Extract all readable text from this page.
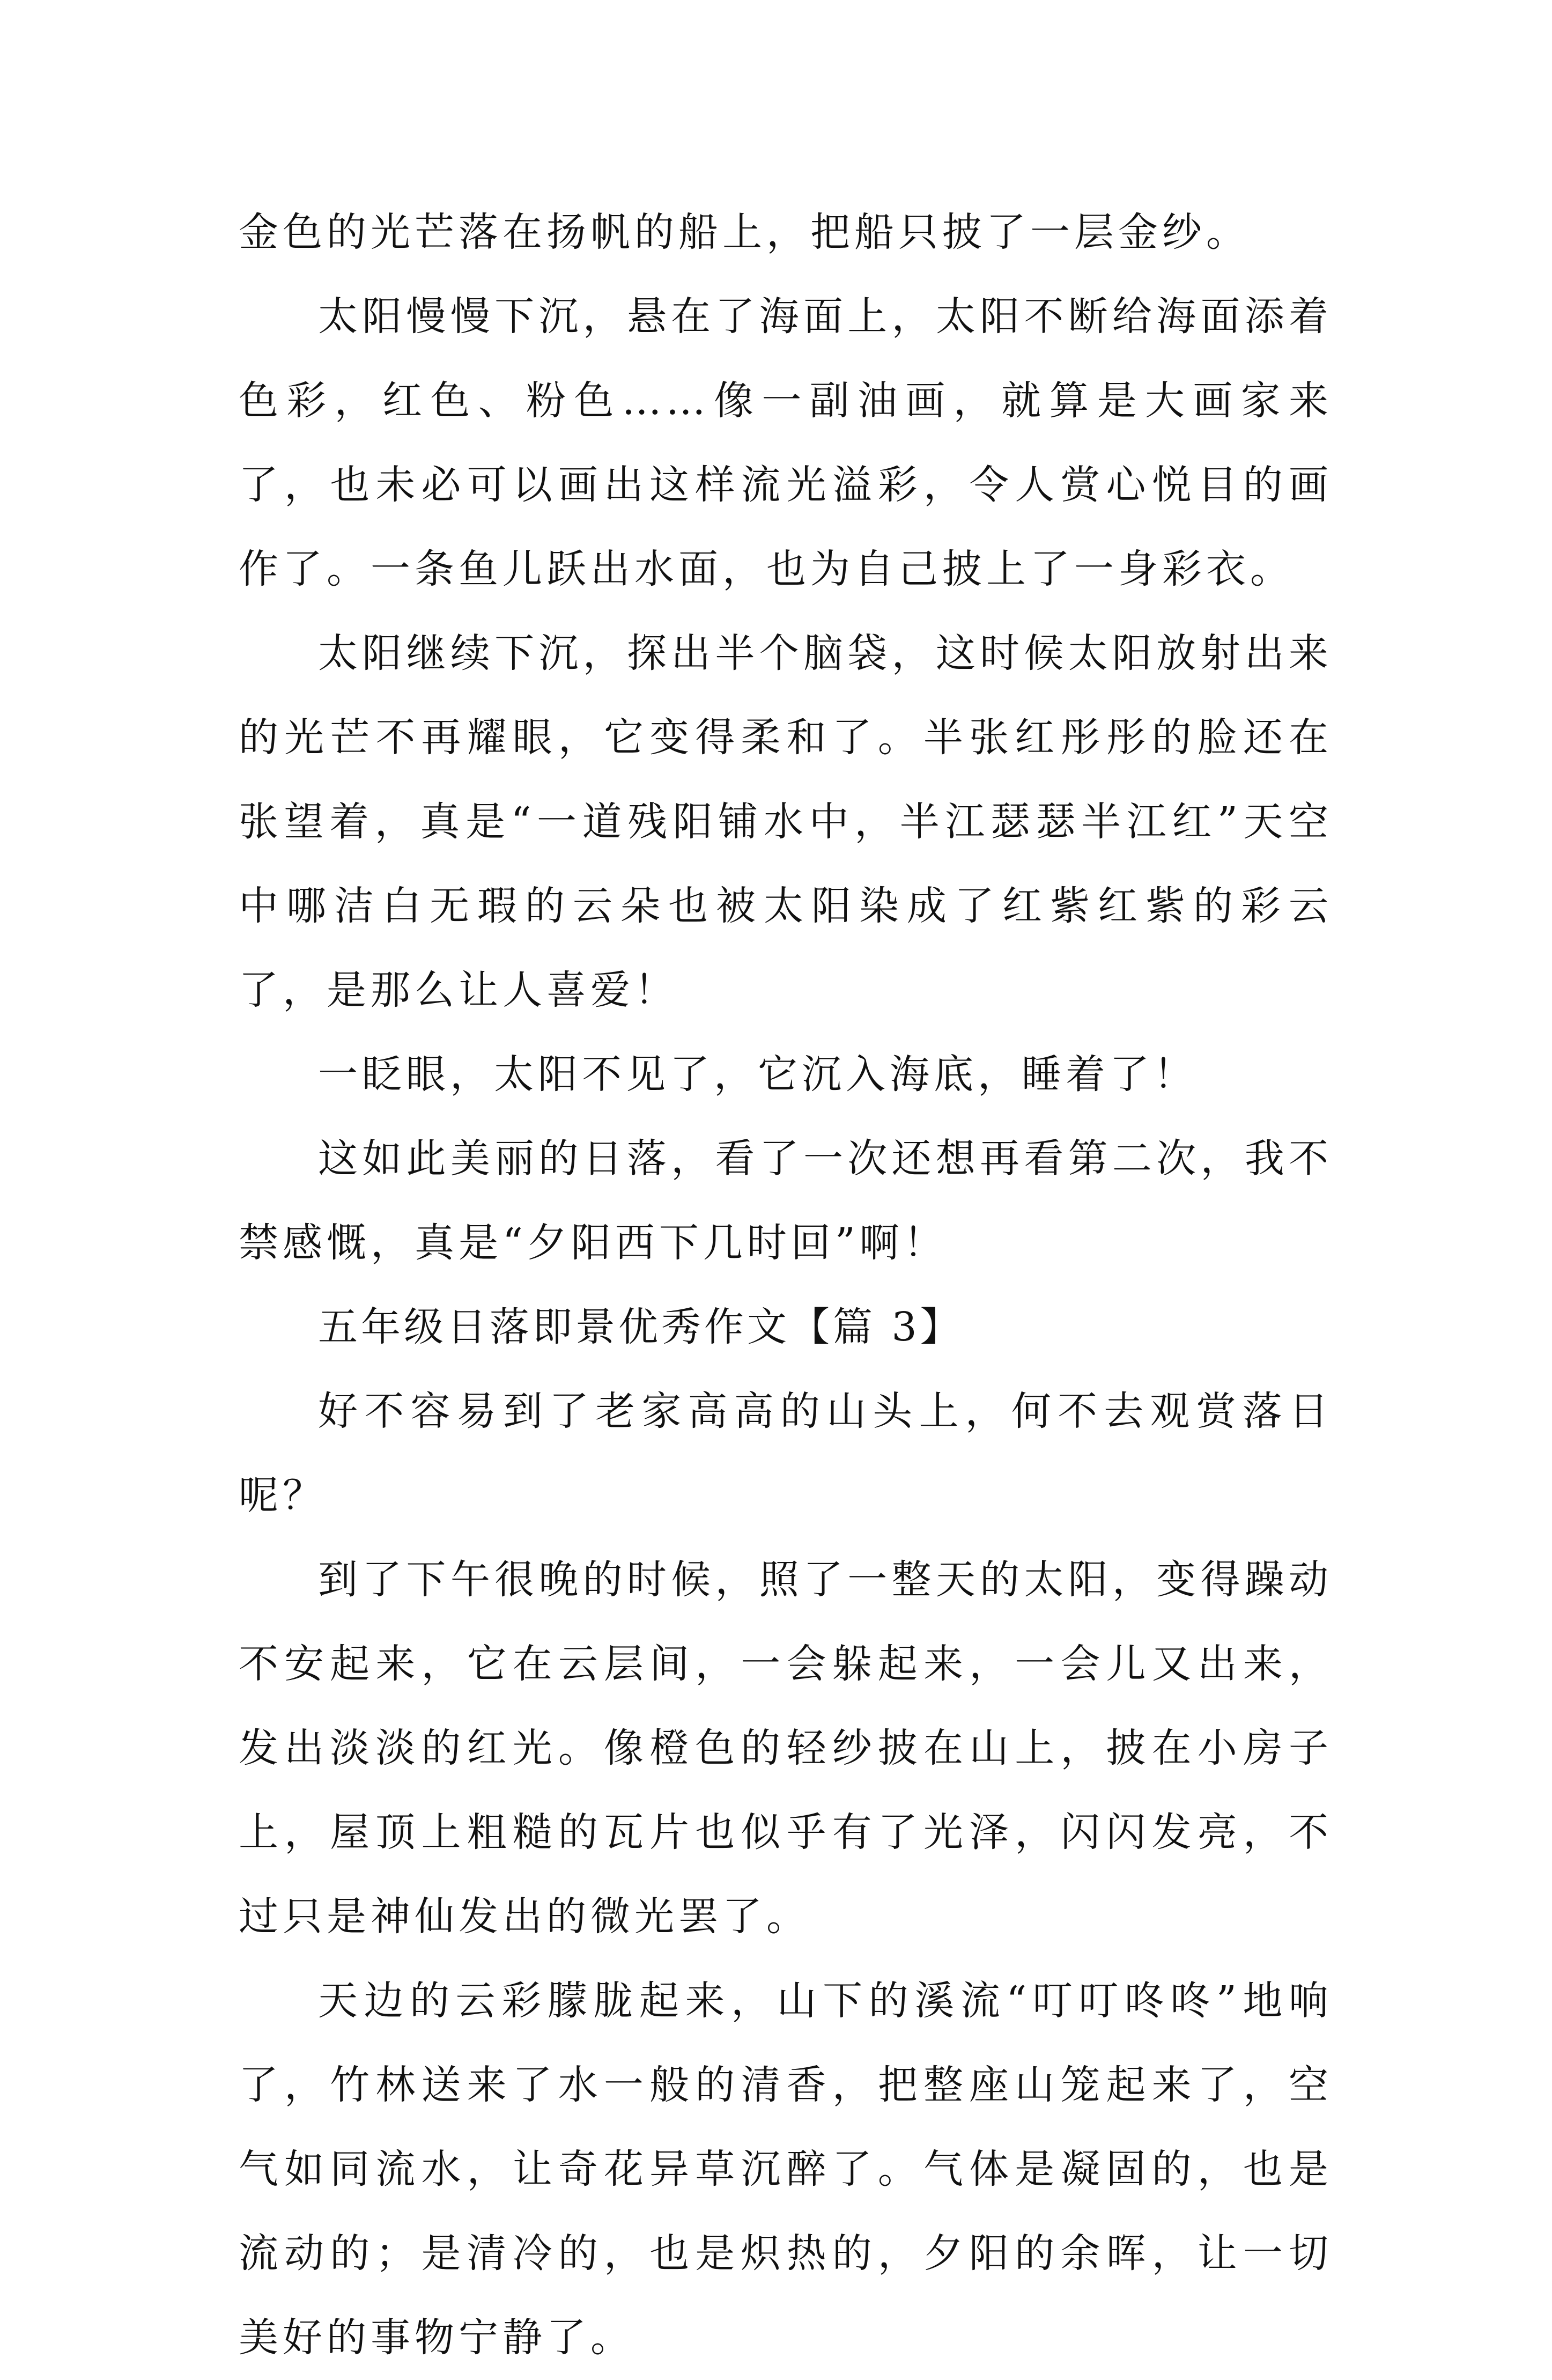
金色的光芒落在扬帆的船上，把船只披了一层金纱。

太阳慢慢下沉，悬在了海面上，太阳不断给海面添着色彩，红色、粉色……像一副油画，就算是大画家来了，也未必可以画出这样流光溢彩，令人赏心悦目的画作了。一条鱼儿跃出水面，也为自己披上了一身彩衣。

太阳继续下沉，探出半个脑袋，这时候太阳放射出来的光芒不再耀眼，它变得柔和了。半张红彤彤的脸还在张望着，真是“一道残阳铺水中，半江瑟瑟半江红”天空中哪洁白无瑕的云朵也被太阳染成了红紫红紫的彩云了，是那么让人喜爱！

一眨眼，太阳不见了，它沉入海底，睡着了！

这如此美丽的日落，看了一次还想再看第二次，我不禁感慨，真是“夕阳西下几时回”啊！

五年级日落即景优秀作文【篇 3】

好不容易到了老家高高的山头上，何不去观赏落日呢？

到了下午很晚的时候，照了一整天的太阳，变得躁动不安起来，它在云层间，一会躲起来，一会儿又出来，发出淡淡的红光。像橙色的轻纱披在山上，披在小房子上，屋顶上粗糙的瓦片也似乎有了光泽，闪闪发亮，不过只是神仙发出的微光罢了。

天边的云彩朦胧起来，山下的溪流“叮叮咚咚”地响了，竹林送来了水一般的清香，把整座山笼起来了，空气如同流水，让奇花异草沉醉了。气体是凝固的，也是流动的；是清冷的，也是炽热的，夕阳的余晖，让一切美好的事物宁静了。
